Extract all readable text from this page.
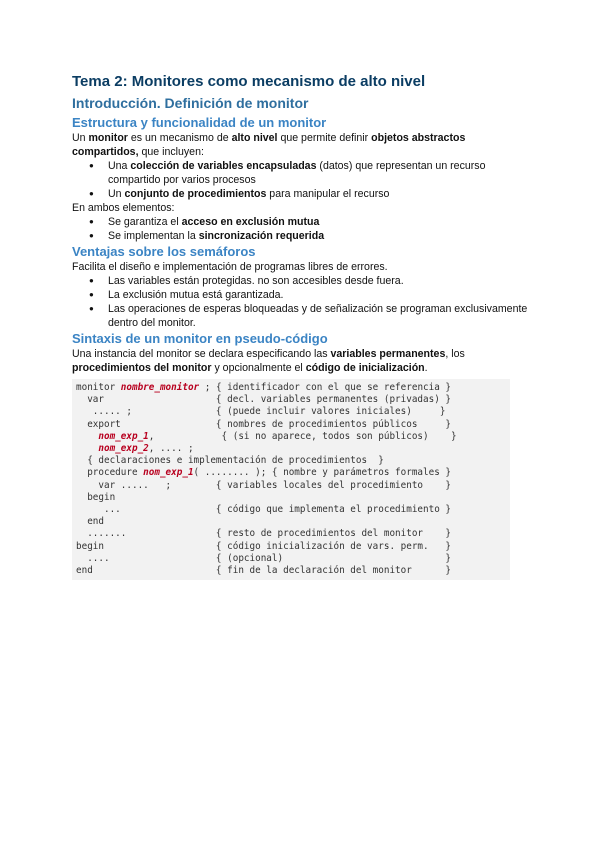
Tema 2: Monitores como mecanismo de alto nivel
Introducción. Definición de monitor
Estructura y funcionalidad de un monitor

Un monitor es un mecanismo de alto nivel que permite definir objetos abstractos compartidos, que incluyen:

● Una colección de variables encapsuladas (datos) que representan un recurso compartido por varios procesos
● Un conjunto de procedimientos para manipular el recurso

En ambos elementos:

● Se garantiza el acceso en exclusión mutua
● Se implementan la sincronización requerida
Ventajas sobre los semáforos

Facilita el diseño e implementación de programas libres de errores.

● Las variables están protegidas. no son accesibles desde fuera.
● La exclusión mutua está garantizada.
● Las operaciones de esperas bloqueadas y de señalización se programan exclusivamente dentro del monitor.
Sintaxis de un monitor en pseudo-código

Una instancia del monitor se declara especificando las variables permanentes, los procedimientos del monitor y opcionalmente el código de inicialización.

monitor nombre_monitor ; { identificador con el que se referencia }
var                    { decl. variables permanentes (privadas) }
..... ;               { (puede incluir valores iniciales)     }
export                 { nombres de procedimientos públicos     }
nom_exp_1,            { (si no aparece, todos son públicos)    }
nom_exp_2, .... ;
{ declaraciones e implementación de procedimientos  }
procedure nom_exp_1( ........ ); { nombre y parámetros formales }
var .....   ;        { variables locales del procedimiento    }
begin
...                 { código que implementa el procedimiento }
end
.......                { resto de procedimientos del monitor    }
begin                    { código inicialización de vars. perm.   }
....                   { (opcional)                             }
end                      { fin de la declaración del monitor      }
